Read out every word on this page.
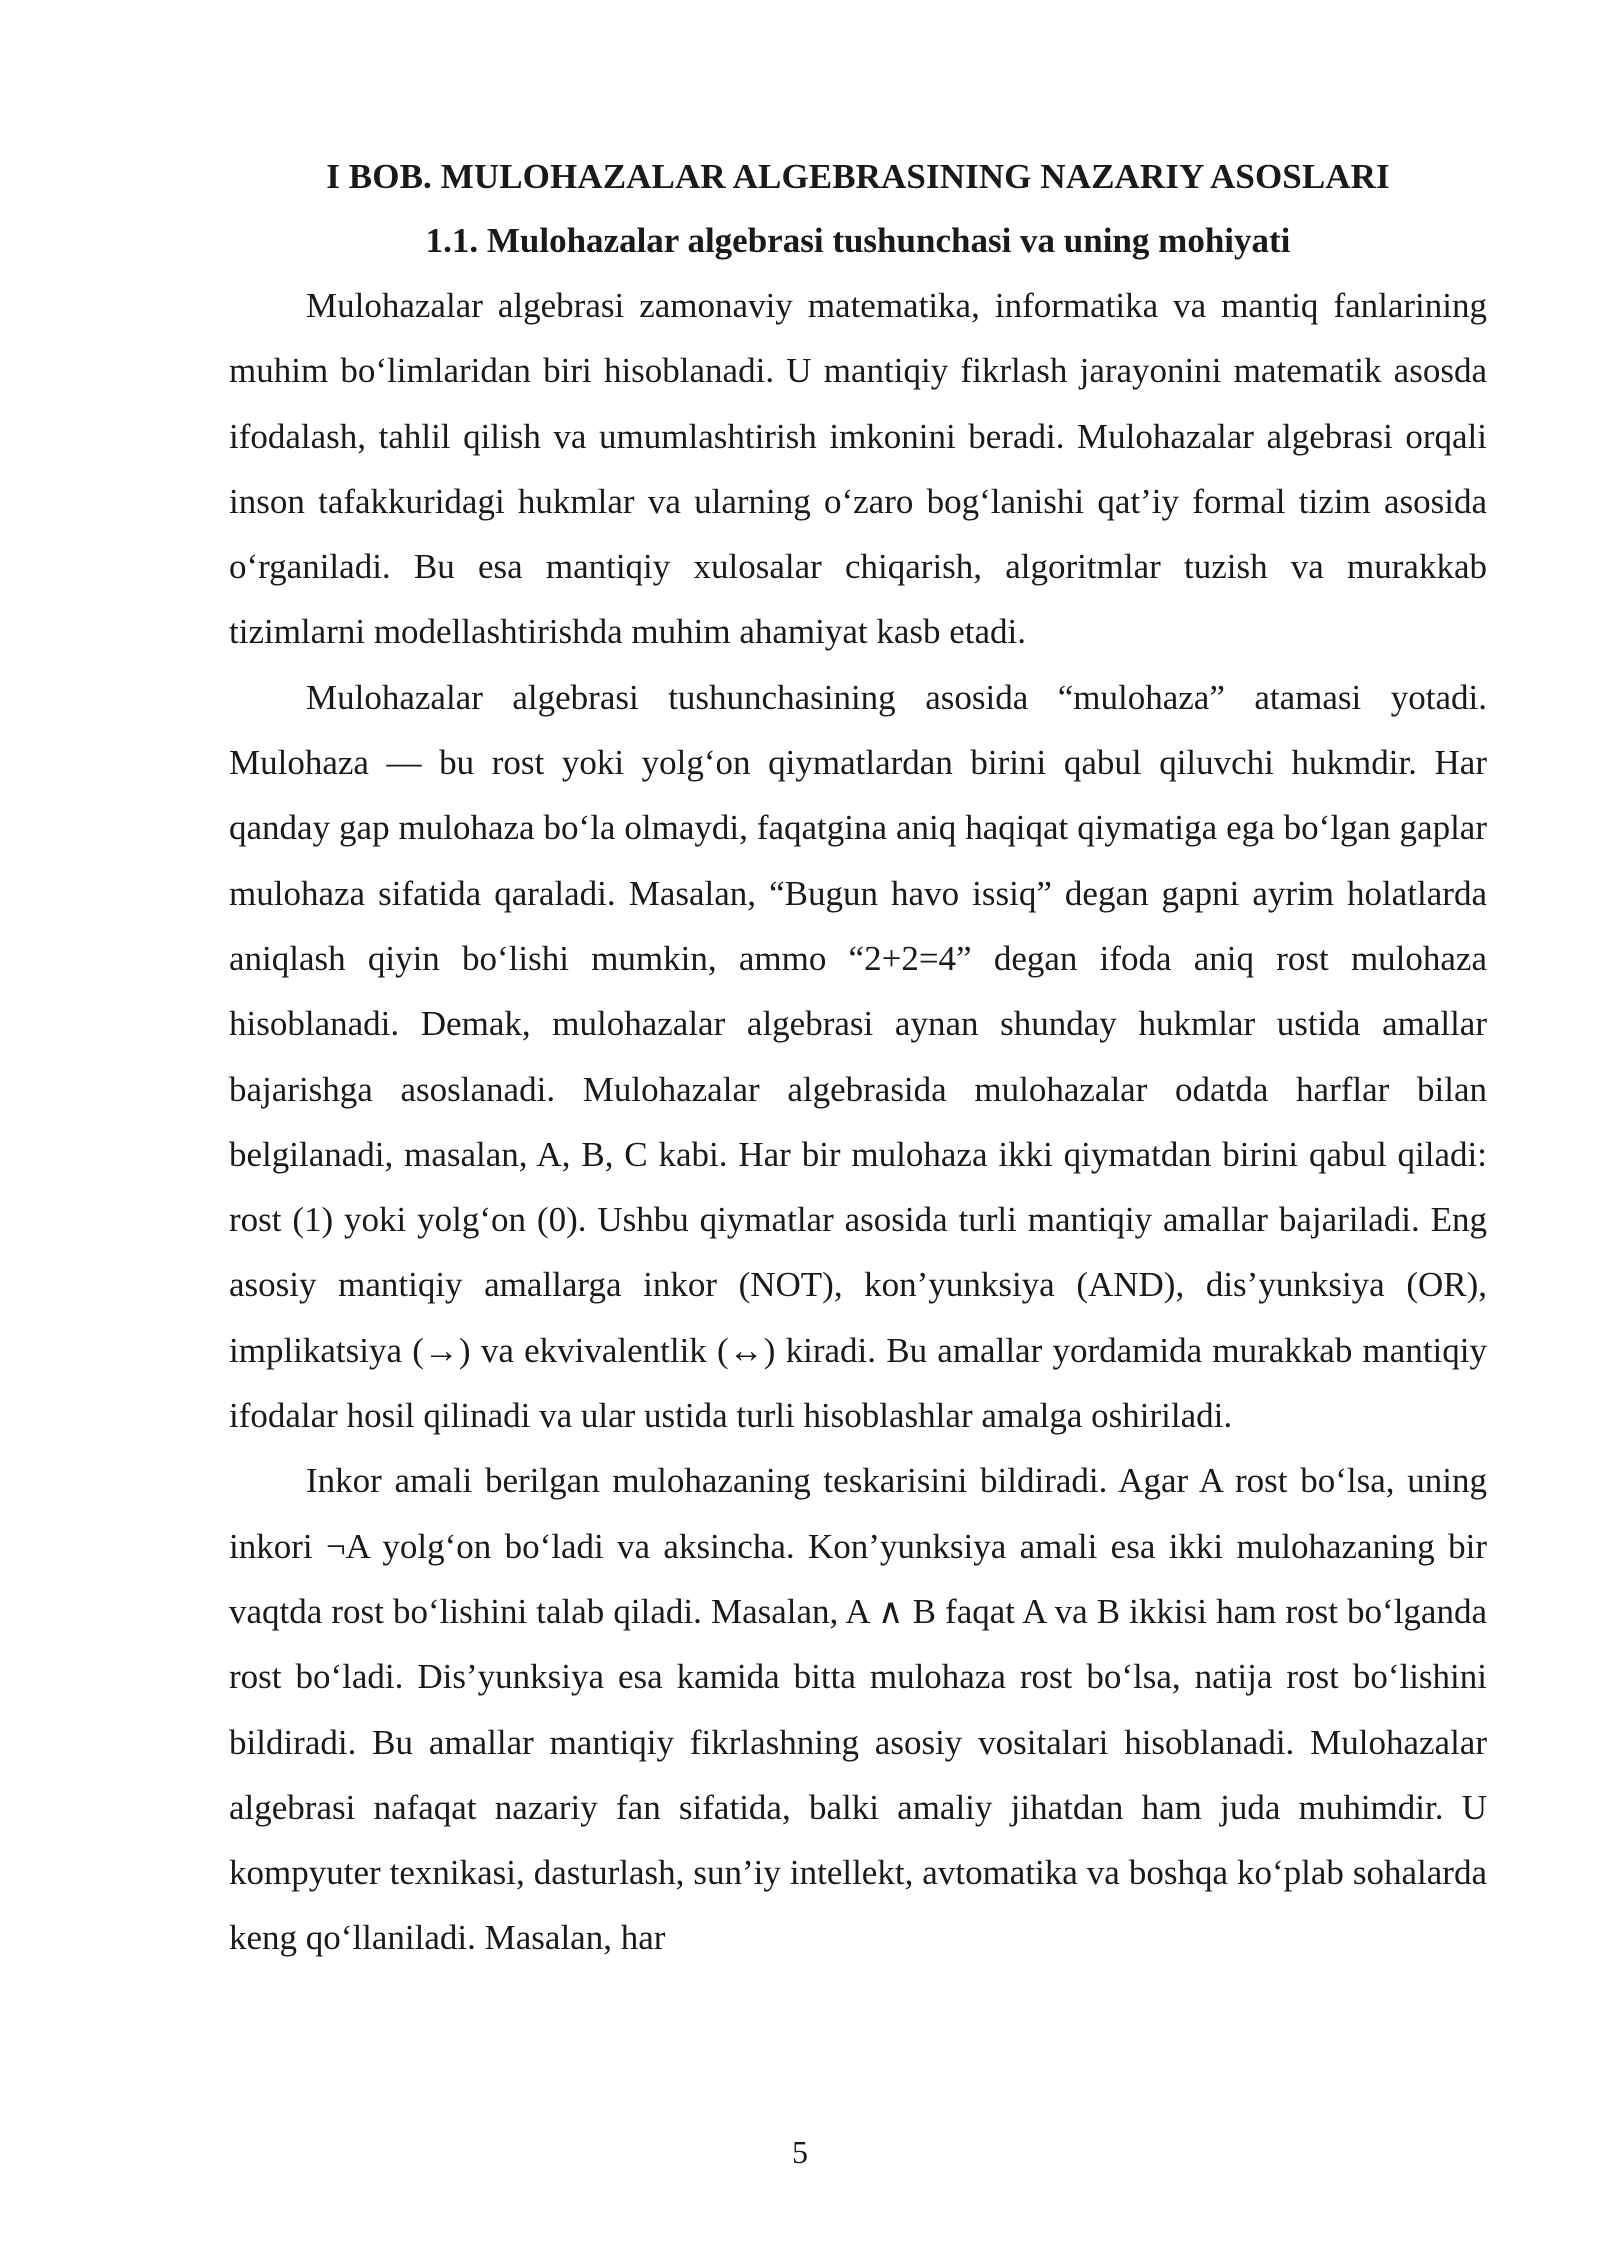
I BOB. MULOHAZALAR ALGEBRASINING NAZARIY ASOSLARI
1.1. Mulohazalar algebrasi tushunchasi va uning mohiyati

Mulohazalar algebrasi zamonaviy matematika, informatika va mantiq fanlarining muhim bo‘limlaridan biri hisoblanadi. U mantiqiy fikrlash jarayonini matematik asosda ifodalash, tahlil qilish va umumlashtirish imkonini beradi. Mulohazalar algebrasi orqali inson tafakkuridagi hukmlar va ularning o‘zaro bog‘lanishi qat’iy formal tizim asosida o‘rganiladi. Bu esa mantiqiy xulosalar chiqarish, algoritmlar tuzish va murakkab tizimlarni modellashtirishda muhim ahamiyat kasb etadi.

Mulohazalar algebrasi tushunchasining asosida “mulohaza” atamasi yotadi. Mulohaza — bu rost yoki yolg‘on qiymatlardan birini qabul qiluvchi hukmdir. Har qanday gap mulohaza bo‘la olmaydi, faqatgina aniq haqiqat qiymatiga ega bo‘lgan gaplar mulohaza sifatida qaraladi. Masalan, “Bugun havo issiq” degan gapni ayrim holatlarda aniqlash qiyin bo‘lishi mumkin, ammo “2+2=4” degan ifoda aniq rost mulohaza hisoblanadi. Demak, mulohazalar algebrasi aynan shunday hukmlar ustida amallar bajarishga asoslanadi. Mulohazalar algebrasida mulohazalar odatda harflar bilan belgilanadi, masalan, A, B, C kabi. Har bir mulohaza ikki qiymatdan birini qabul qiladi: rost (1) yoki yolg‘on (0). Ushbu qiymatlar asosida turli mantiqiy amallar bajariladi. Eng asosiy mantiqiy amallarga inkor (NOT), kon’yunksiya (AND), dis’yunksiya (OR), implikatsiya (→) va ekvivalentlik (↔) kiradi. Bu amallar yordamida murakkab mantiqiy ifodalar hosil qilinadi va ular ustida turli hisoblashlar amalga oshiriladi.

Inkor amali berilgan mulohazaning teskarisini bildiradi. Agar A rost bo‘lsa, uning inkori ¬A yolg‘on bo‘ladi va aksincha. Kon’yunksiya amali esa ikki mulohazaning bir vaqtda rost bo‘lishini talab qiladi. Masalan, A ∧ B faqat A va B ikkisi ham rost bo‘lganda rost bo‘ladi. Dis’yunksiya esa kamida bitta mulohaza rost bo‘lsa, natija rost bo‘lishini bildiradi. Bu amallar mantiqiy fikrlashning asosiy vositalari hisoblanadi. Mulohazalar algebrasi nafaqat nazariy fan sifatida, balki amaliy jihatdan ham juda muhimdir. U kompyuter texnikasi, dasturlash, sun’iy intellekt, avtomatika va boshqa ko‘plab sohalarda keng qo‘llaniladi. Masalan, har

5
